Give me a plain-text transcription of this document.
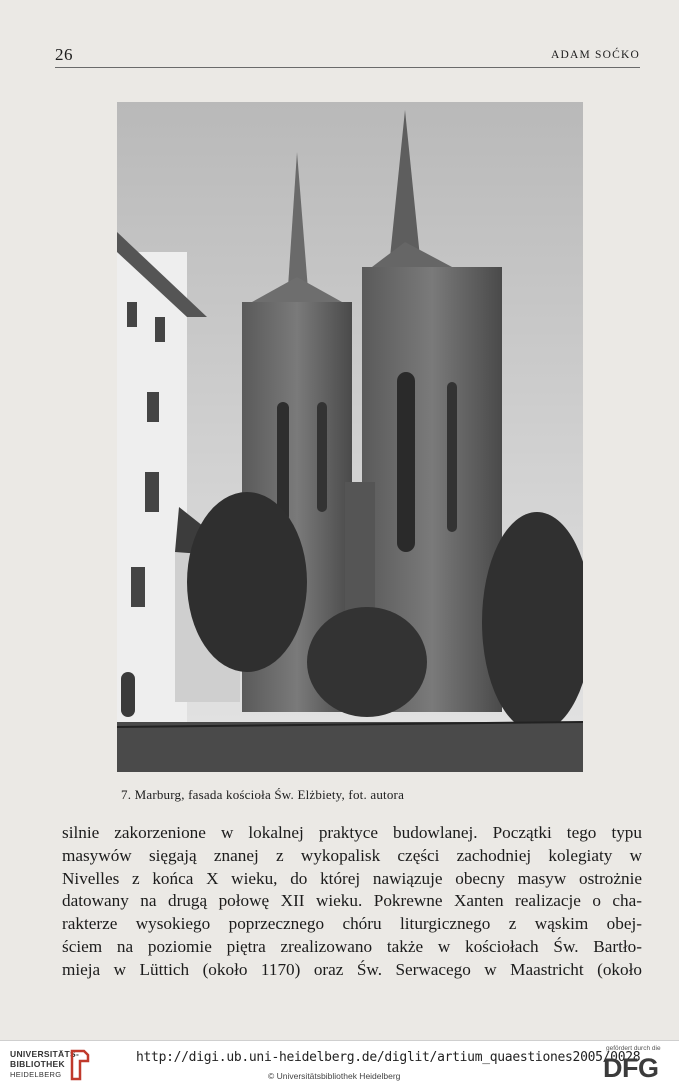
26	ADAM SOĆKO
7. Marburg, fasada kościoła Św. Elżbiety, fot. autora
silnie zakorzenione w lokalnej praktyce budowlanej. Początki tego typu
masywów sięgają znanej z wykopalisk części zachodniej kolegiaty w
Nivelles z końca X wieku, do której nawiązuje obecny masyw ostrożnie
datowany na drugą połowę XII wieku. Pokrewne Xanten realizacje o cha-
rakterze wysokiego poprzecznego chóru liturgicznego z wąskim obej-
ściem na poziomie piętra zrealizowano także w kościołach Św. Bartło-
mieja w Lüttich (około 1170) oraz Św. Serwacego w Maastricht (około
UNIVERSITÄTS-
BIBLIOTHEK
HEIDELBERG
http://digi.ub.uni-heidelberg.de/diglit/artium_quaestiones2005/0028
© Universitätsbibliothek Heidelberg
gefördert durch die
DFG
